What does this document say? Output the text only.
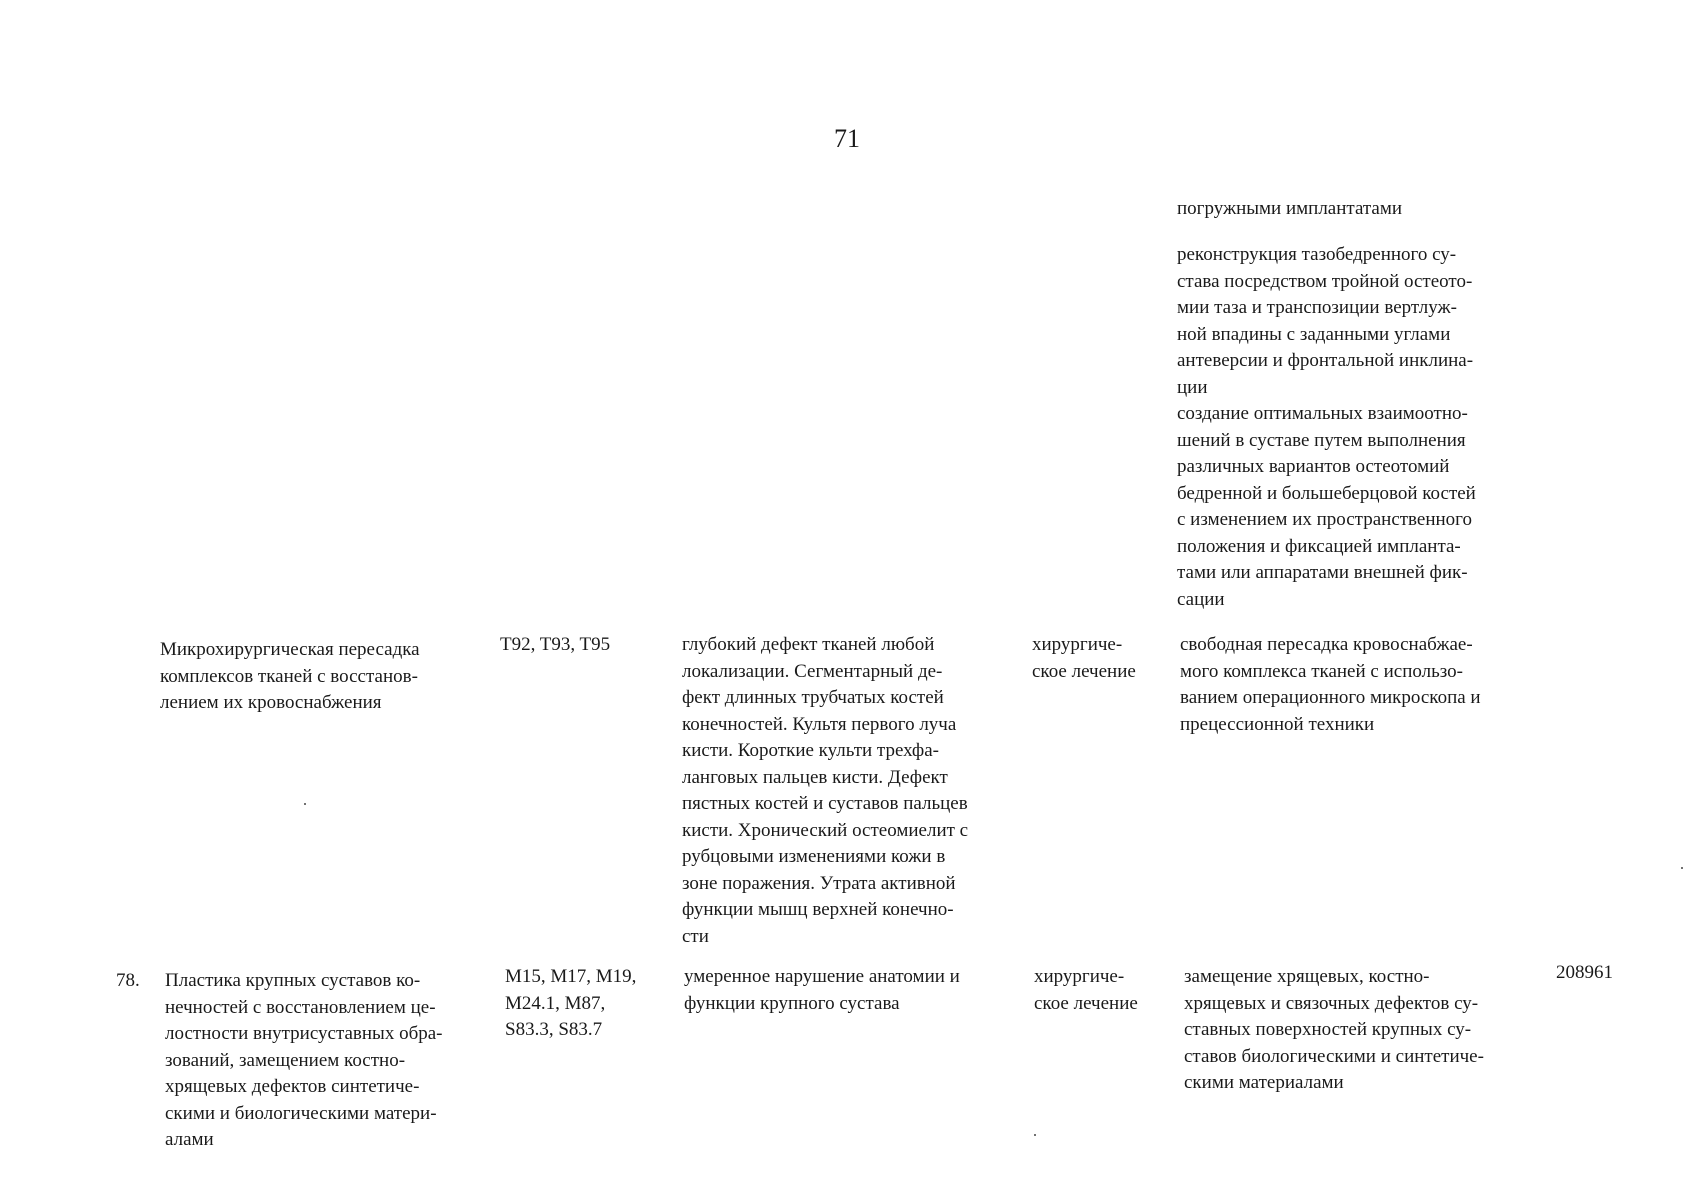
71
погружными имплантатами
реконструкция тазобедренного су-
става посредством тройной остеото-
мии таза и транспозиции вертлуж-
ной впадины с заданными углами
антеверсии и фронтальной инклина-
ции
создание оптимальных взаимоотно-
шений в суставе путем выполнения
различных вариантов остеотомий
бедренной и большеберцовой костей
с изменением их пространственного
положения и фиксацией импланта-
тами или аппаратами внешней фик-
сации
Микрохирургическая пересадка
комплексов тканей с восстанов-
лением их кровоснабжения
T92, T93, T95	глубокий дефект тканей любой
локализации. Сегментарный де-
фект длинных трубчатых костей
конечностей. Культя первого луча
кисти. Короткие культи трехфа-
ланговых пальцев кисти. Дефект
пястных костей и суставов пальцев
кисти. Хронический остеомиелит с
рубцовыми изменениями кожи в
зоне поражения. Утрата активной
функции мышц верхней конечно-
сти
хирургиче-
ское лечение
свободная пересадка кровоснабжае-
мого комплекса тканей с использо-
ванием операционного микроскопа и
прецессионной техники
78. Пластика крупных суставов ко-
нечностей с восстановлением це-
лостности внутрисуставных обра-
зований, замещением костно-
хрящевых дефектов синтетиче-
скими и биологическими матери-
алами
M15, M17, M19,
M24.1, M87,
S83.3, S83.7
умеренное нарушение анатомии и
функции крупного сустава
хирургиче-
ское лечение
замещение хрящевых, костно-
хрящевых и связочных дефектов су-
ставных поверхностей крупных су-
ставов биологическими и синтетиче-
скими материалами
208961
